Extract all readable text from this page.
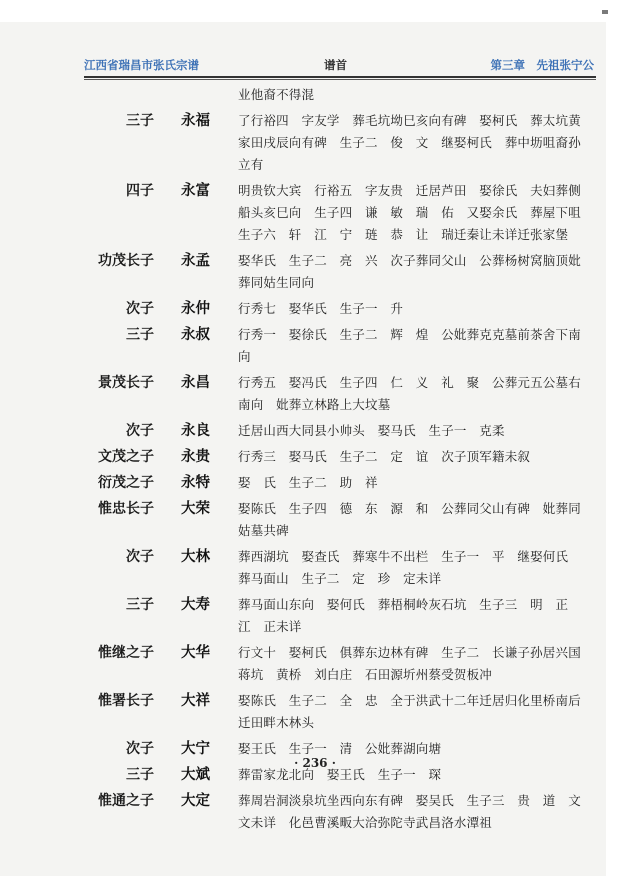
江西省瑞昌市张氏宗谱	谱首	第三章　 先祖张宁公
业他裔不得混
三子 永福 了行裕四　字友学　葬毛坑坳巳亥向有碑　娶柯氏　葬太坑黄
家田戌辰向有碑　生子二　俊　文　继娶柯氏　葬中坜咀裔孙
立有
四子 永富 明贵钦大宾　行裕五　字友贵　迁居芦田　娶徐氏　夫妇葬侧
船头亥巳向　生子四　谦　敏　瑞　佑　又娶余氏　葬屋下咀
生子六　轩　江　宁　琏　恭　让　瑞迁秦让未详迁张家堡
功茂长子 永孟 娶华氏　生子二　亮　兴　次子葬同父山　公葬杨树窝脑顶妣
葬同姑生同向
次子 永仲 行秀七　娶华氏　生子一　升
三子 永叔 行秀一　娶徐氏　生子二　辉　煌　公妣葬克克墓前茶舍下南
向
景茂长子 永昌 行秀五　娶冯氏　生子四　仁　义　礼　聚　公葬元五公墓右
南向　妣葬立林路上大坟墓
次子 永良 迁居山西大同县小帅头　娶马氏　生子一　克柔
文茂之子 永贵 行秀三　娶马氏　生子二　定　谊　次子顶军籍未叙
衍茂之子 永特 娶　氏　生子二　助　祥
惟忠长子 大荣 娶陈氏　生子四　德　东　源　和　公葬同父山有碑　妣葬同
姑墓共碑
次子 大林 葬西湖坑　娶查氏　葬寒牛不出栏　生子一　平　继娶何氏
葬马面山　生子二　定　珍　定未详
三子 大寿 葬马面山东向　娶何氏　葬梧桐岭灰石坑　生子三　明　正
江　正未详
惟继之子 大华 行文十　娶柯氏　俱葬东边林有碑　生子二　长谦子孙居兴国
蒋坑　黄桥　刘白庄　石田源圻州蔡受贺板冲
惟署长子 大祥 娶陈氏　生子二　全　忠　全于洪武十二年迁居归化里桥南后
迁田畔木林头
次子 大宁 娶王氏　生子一　清　公妣葬湖向塘
三子 大斌 葬雷家龙北向　娶王氏　生子一　琛
惟通之子 大定 葬周岩洞淡泉坑坐西向东有碑　娶吴氏　生子三　贵　道　文
文未详　化邑曹溪畈大洽弥陀寺武昌洛水潭祖
· 236 ·
